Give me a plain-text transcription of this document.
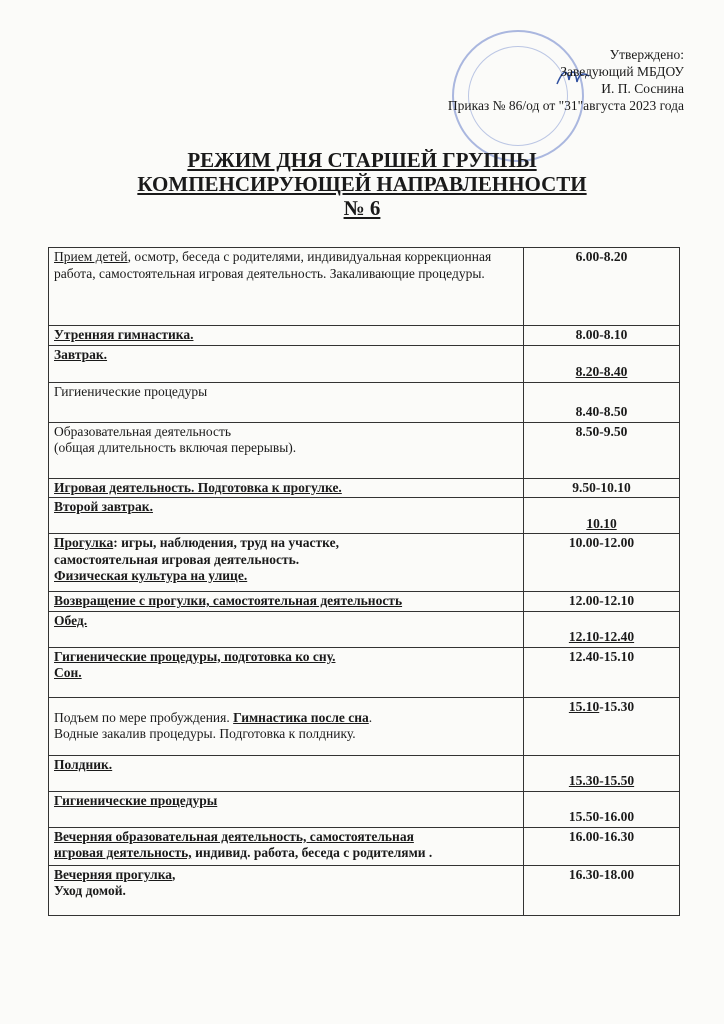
Утверждено:
Заведующий МБДОУ
И. П. Соснина
Приказ № 86/од от "31"августа 2023 года
РЕЖИМ ДНЯ СТАРШЕЙ ГРУППЫ
КОМПЕНСИРУЮЩЕЙ НАПРАВЛЕННОСТИ
№ 6
Прием детей, осмотр, беседа с родителями, индивидуальная коррекционная работа, самостоятельная игровая деятельность. Закаливающие процедуры.	6.00-8.20
Утренняя гимнастика.	8.00-8.10
Завтрак.	8.20-8.40
Гигиенические процедуры	8.40-8.50
Образовательная деятельность
(общая длительность включая перерывы).	8.50-9.50
Игровая деятельность. Подготовка к прогулке.	9.50-10.10
Второй завтрак.	10.10
Прогулка: игры, наблюдения, труд на участке,
самостоятельная игровая деятельность.
Физическая культура на улице.	10.00-12.00
Возвращение с прогулки, самостоятельная деятельность	12.00-12.10
Обед.	12.10-12.40
Гигиенические процедуры, подготовка ко сну.
Сон.	12.40-15.10
Подъем по мере пробуждения. Гимнастика после сна.
Водные закалив процедуры. Подготовка к полднику.	15.10-15.30
Полдник.	15.30-15.50
Гигиенические процедуры	15.50-16.00
Вечерняя образовательная деятельность, самостоятельная
игровая деятельность, индивид. работа, беседа с родителями .	16.00-16.30
Вечерняя прогулка,
Уход домой.	16.30-18.00
